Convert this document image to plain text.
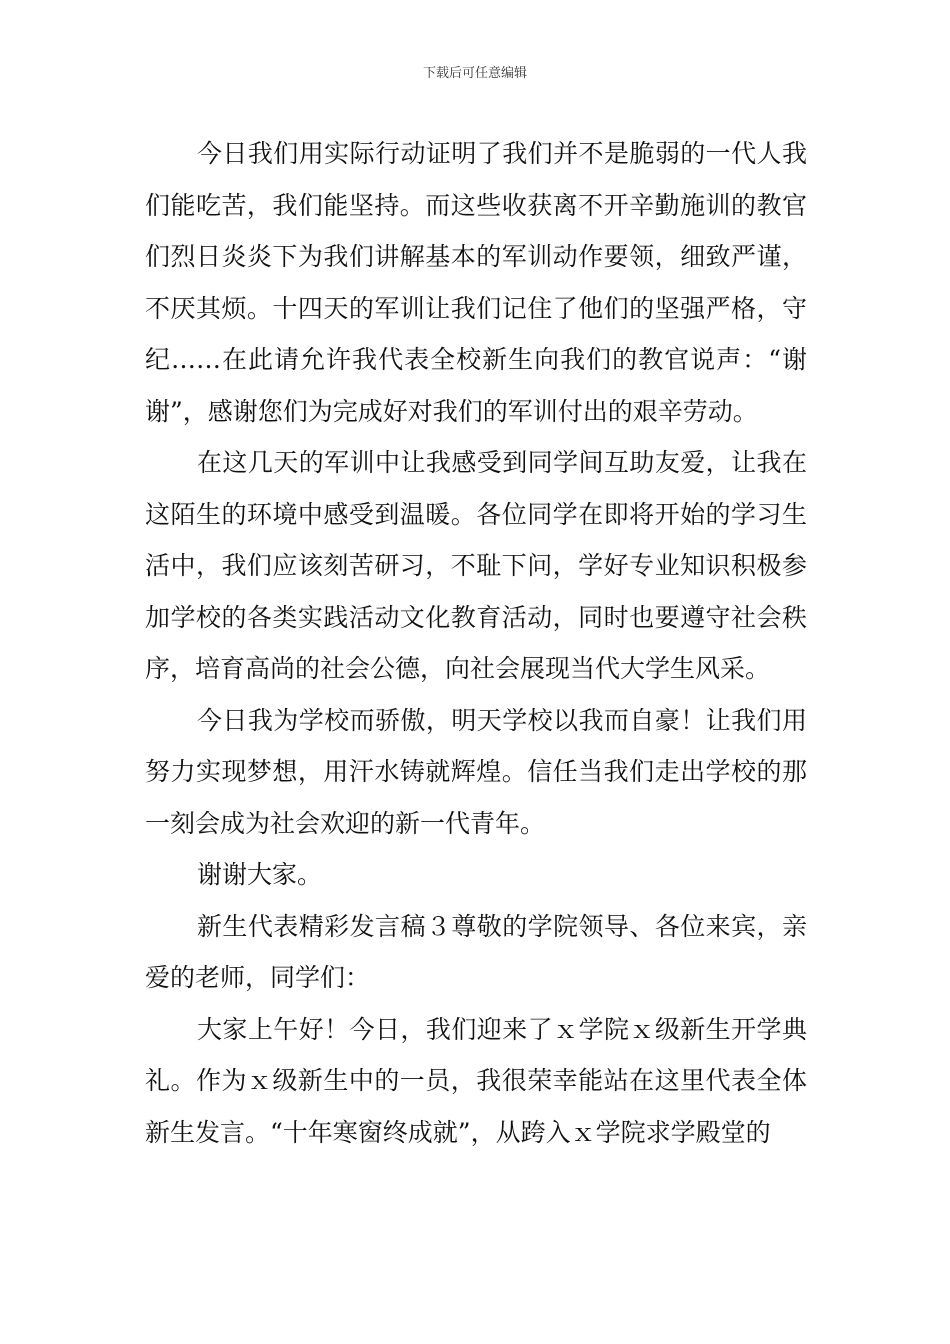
下载后可任意编辑

今日我们用实际行动证明了我们并不是脆弱的一代人我们能吃苦，我们能坚持。而这些收获离不开辛勤施训的教官们烈日炎炎下为我们讲解基本的军训动作要领，细致严谨，不厌其烦。十四天的军训让我们记住了他们的坚强严格，守纪……在此请允许我代表全校新生向我们的教官说声：“谢谢”，感谢您们为完成好对我们的军训付出的艰辛劳动。

在这几天的军训中让我感受到同学间互助友爱，让我在这陌生的环境中感受到温暖。各位同学在即将开始的学习生活中，我们应该刻苦研习，不耻下问，学好专业知识积极参加学校的各类实践活动文化教育活动，同时也要遵守社会秩序，培育高尚的社会公德，向社会展现当代大学生风采。

今日我为学校而骄傲，明天学校以我而自豪！让我们用努力实现梦想，用汗水铸就辉煌。信任当我们走出学校的那一刻会成为社会欢迎的新一代青年。

谢谢大家。

新生代表精彩发言稿３尊敬的学院领导、各位来宾，亲爱的老师，同学们：

大家上午好！今日，我们迎来了ｘ学院ｘ级新生开学典礼。作为ｘ级新生中的一员，我很荣幸能站在这里代表全体新生发言。“十年寒窗终成就”，从跨入ｘ学院求学殿堂的
